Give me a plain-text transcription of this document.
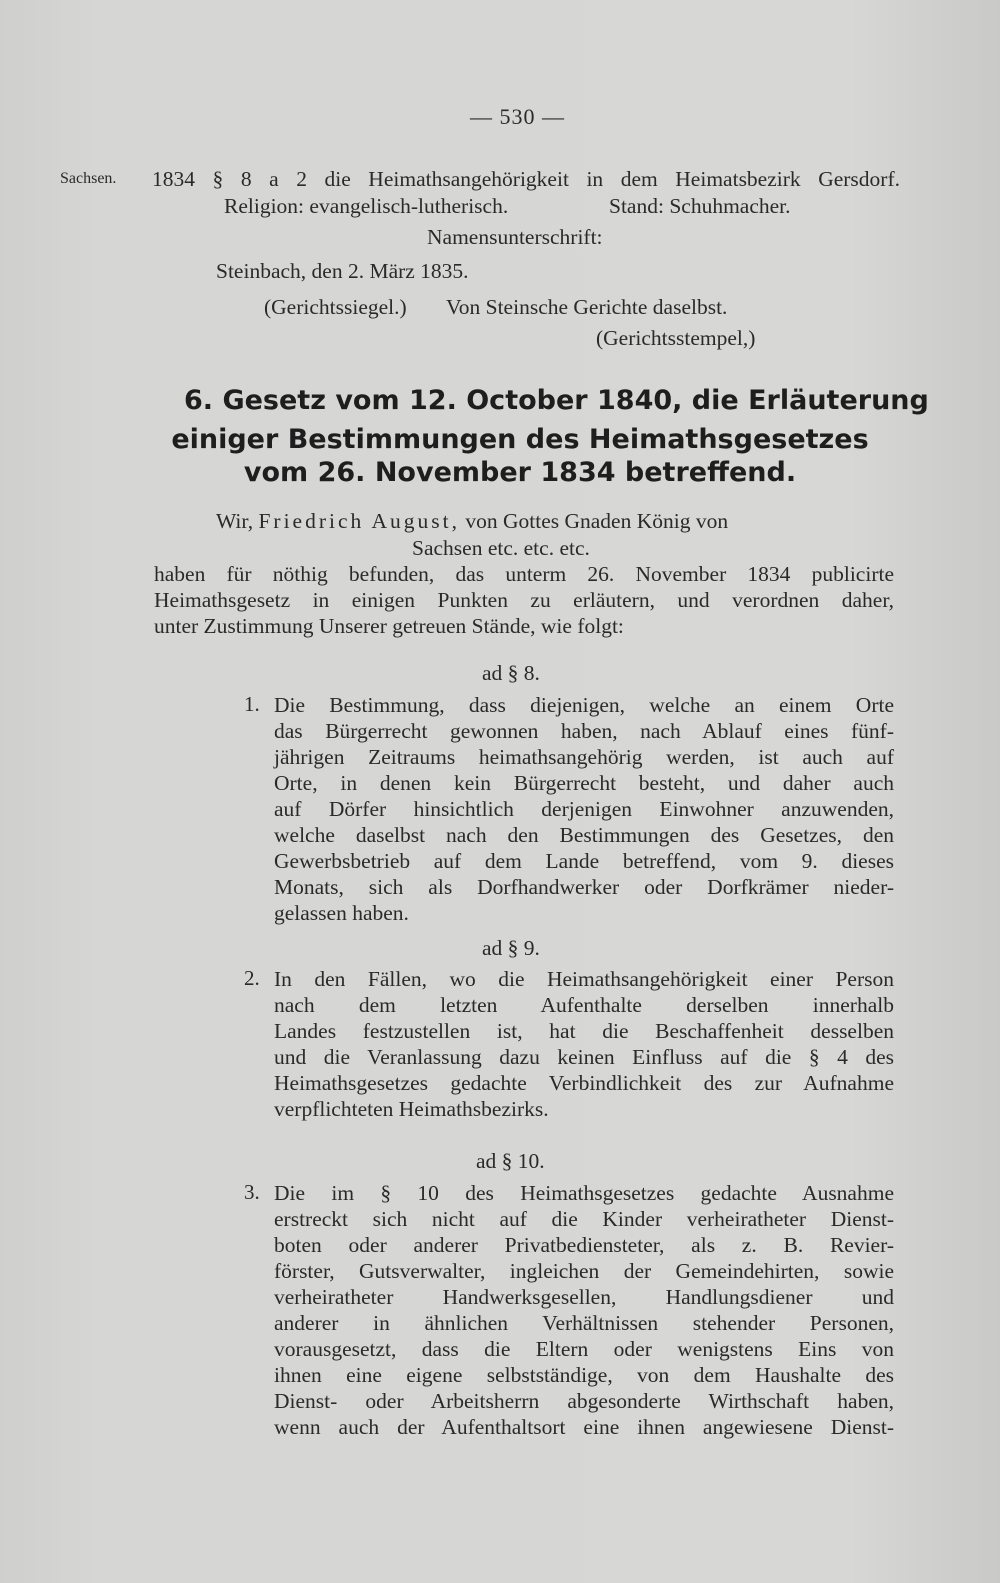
— 530 —
Sachsen. 1834 § 8 a 2 die Heimathsangehörigkeit in dem Heimatsbezirk Gersdorf.
Religion: evangelisch-lutherisch.	Stand: Schuhmacher.
Namensunterschrift:
Steinbach, den 2. März 1835.
(Gerichtssiegel.) Von Steinsche Gerichte daselbst.
(Gerichtsstempel,)
6. Gesetz vom 12. October 1840, die Erläuterung
einiger Bestimmungen des Heimathsgesetzes
vom 26. November 1834 betreffend.
Wir, Friedrich August, von Gottes Gnaden König von
Sachsen etc. etc. etc.
haben für nöthig befunden, das unterm 26. November 1834 publicirte
Heimathsgesetz in einigen Punkten zu erläutern, und verordnen daher,
unter Zustimmung Unserer getreuen Stände, wie folgt:
ad § 8.
1. Die Bestimmung, dass diejenigen, welche an einem Orte
das Bürgerrecht gewonnen haben, nach Ablauf eines fünf-
jährigen Zeitraums heimathsangehörig werden, ist auch auf
Orte, in denen kein Bürgerrecht besteht, und daher auch
auf Dörfer hinsichtlich derjenigen Einwohner anzuwenden,
welche daselbst nach den Bestimmungen des Gesetzes, den
Gewerbsbetrieb auf dem Lande betreffend, vom 9. dieses
Monats, sich als Dorfhandwerker oder Dorfkrämer nieder-
gelassen haben.
ad § 9.
2. In den Fällen, wo die Heimathsangehörigkeit einer Person
nach dem letzten Aufenthalte derselben innerhalb
Landes festzustellen ist, hat die Beschaffenheit desselben
und die Veranlassung dazu keinen Einfluss auf die § 4 des
Heimathsgesetzes gedachte Verbindlichkeit des zur Aufnahme
verpflichteten Heimathsbezirks.
ad § 10.
3. Die im § 10 des Heimathsgesetzes gedachte Ausnahme
erstreckt sich nicht auf die Kinder verheiratheter Dienst-
boten oder anderer Privatbediensteter, als z. B. Revier-
förster, Gutsverwalter, ingleichen der Gemeindehirten, sowie
verheiratheter Handwerksgesellen, Handlungsdiener und
anderer in ähnlichen Verhältnissen stehender Personen,
vorausgesetzt, dass die Eltern oder wenigstens Eins von
ihnen eine eigene selbstständige, von dem Haushalte des
Dienst- oder Arbeitsherrn abgesonderte Wirthschaft haben,
wenn auch der Aufenthaltsort eine ihnen angewiesene Dienst-
